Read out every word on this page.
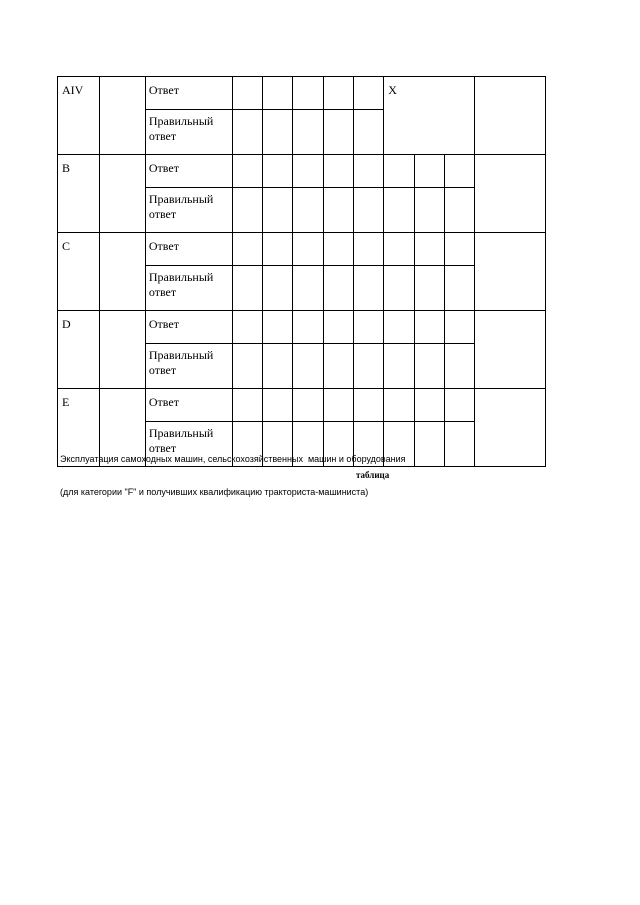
AIV		Ответ						X			
		Правильный ответ									
B		Ответ									
		Правильный ответ									
C		Ответ									
		Правильный ответ									
D		Ответ									
		Правильный ответ									
E		Ответ									
		Правильный ответ									

Эксплуатация самоходных машин, сельскохозяйственных  машин и оборудования

(для категории "F" и получивших квалификацию тракториста-машиниста)

таблица
